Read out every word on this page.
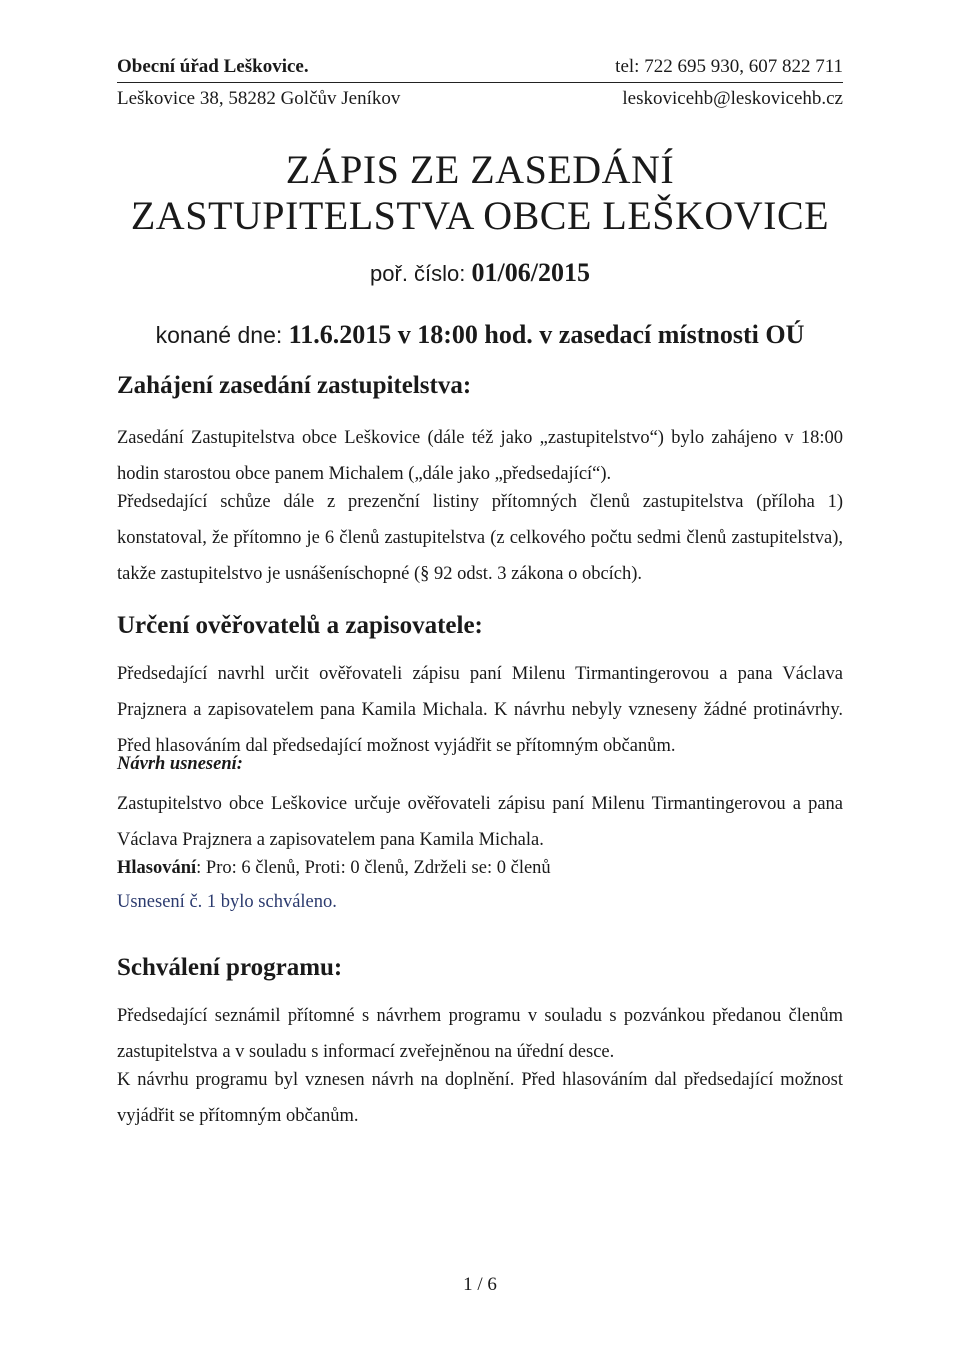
Obecní úřad Leškovice.	tel: 722 695 930, 607 822 711
Leškovice 38, 58282 Golčův Jeníkov	leskovicehb@leskovicehb.cz
ZÁPIS ZE ZASEDÁNÍ
ZASTUPITELSTVA OBCE LEŠKOVICE
poř. číslo: 01/06/2015
konané dne: 11.6.2015 v 18:00 hod. v zasedací místnosti OÚ
Zahájení zasedání zastupitelstva:
Zasedání Zastupitelstva obce Leškovice (dále též jako „zastupitelstvo“) bylo zahájeno v 18:00 hodin starostou obce panem Michalem („dále jako „předsedající“).
Předsedající schůze dále z prezenční listiny přítomných členů zastupitelstva (příloha 1) konstatoval, že přítomno je 6 členů zastupitelstva (z celkového počtu sedmi členů zastupitelstva), takže zastupitelstvo je usnášeníschopné (§ 92 odst. 3 zákona o obcích).
Určení ověřovatelů a zapisovatele:
Předsedající navrhl určit ověřovateli zápisu paní Milenu Tirmantingerovou a pana Václava Prajznera a zapisovatelem pana Kamila Michala. K návrhu nebyly vzneseny žádné protinávrhy. Před hlasováním dal předsedající možnost vyjádřit se přítomným občanům.
Návrh usnesení:
Zastupitelstvo obce Leškovice určuje ověřovateli zápisu paní Milenu Tirmantingerovou a pana Václava Prajznera a zapisovatelem pana Kamila Michala.
Hlasování: Pro: 6 členů, Proti: 0 členů, Zdrželi se: 0 členů
Usnesení č. 1 bylo schváleno.
Schválení programu:
Předsedající seznámil přítomné s návrhem programu v souladu s pozvánkou předanou členům zastupitelstva a v souladu s informací zveřejněnou na úřední desce.
K návrhu programu byl vznesen návrh na doplnění. Před hlasováním dal předsedající možnost vyjádřit se přítomným občanům.
1 / 6
